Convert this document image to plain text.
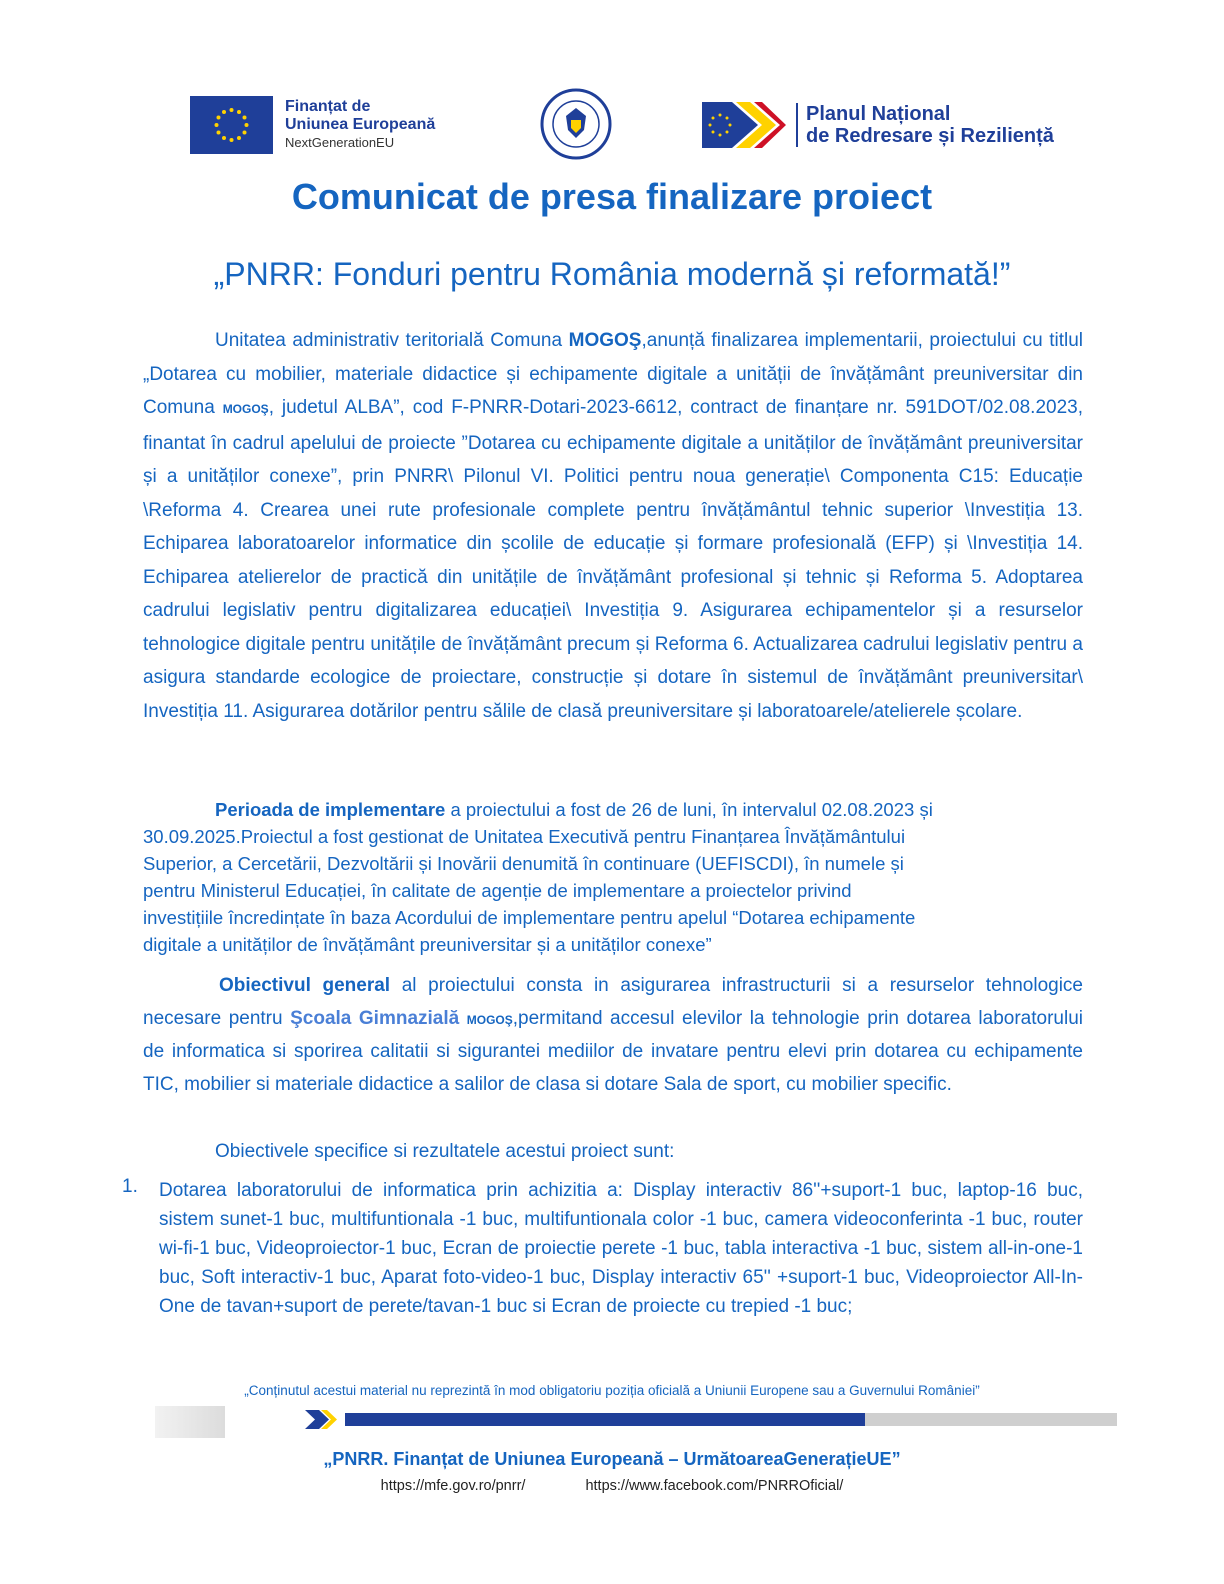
Finanțat de
Uniunea Europeană
NextGenerationEU
Planul Național
de Redresare și Reziliență
Comunicat de presa finalizare proiect

„PNRR: Fonduri pentru România modernă și reformată!”

Unitatea administrativ teritorială Comuna MOGOŞ,anunță finalizarea implementarii, proiectului cu titlul „Dotarea cu mobilier, materiale didactice și echipamente digitale a unității de învățământ preuniversitar din Comuna MOGOŞ, judetul ALBA”, cod F-PNRR-Dotari-2023-6612, contract de finanțare nr. 591DOT/02.08.2023, finantat în cadrul apelului de proiecte ”Dotarea cu echipamente digitale a unitӑților de învӑțӑmânt preuniversitar și a unitӑților conexe”, prin PNRR\ Pilonul VI. Politici pentru noua generație\ Componenta C15: Educație \Reforma 4. Crearea unei rute profesionale complete pentru învățământul tehnic superior \Investiția 13. Echiparea laboratoarelor informatice din școlile de educație și formare profesională (EFP) și \Investiția 14. Echiparea atelierelor de practică din unitățile de învățământ profesional și tehnic și Reforma 5. Adoptarea cadrului legislativ pentru digitalizarea educației\ Investiția 9. Asigurarea echipamentelor și a resurselor tehnologice digitale pentru unitățile de învățământ precum și Reforma 6. Actualizarea cadrului legislativ pentru a asigura standarde ecologice de proiectare, construcție și dotare în sistemul de învățământ preuniversitar\ Investiția 11. Asigurarea dotărilor pentru sălile de clasă preuniversitare și laboratoarele/atelierele școlare.

Perioada de implementare a proiectului a fost de 26 de luni, în intervalul 02.08.2023 și
30.09.2025.Proiectul a fost gestionat de Unitatea Executivă pentru Finanțarea Învățământului
Superior, a Cercetării, Dezvoltării și Inovării denumită în continuare (UEFISCDI), în numele și
pentru Ministerul Educației, în calitate de agenție de implementare a proiectelor privind
investițiile încredințate în baza Acordului de implementare pentru apelul “Dotarea echipamente
digitale a unităților de învățământ preuniversitar și a unităților conexe”

Obiectivul general al proiectului consta in asigurarea infrastructurii si a resurselor tehnologice necesare pentru Şcoala Gimnazială MOGOŞ,permitand accesul elevilor la tehnologie prin dotarea laboratorului de informatica si sporirea calitatii si sigurantei mediilor de invatare pentru elevi prin dotarea cu echipamente TIC, mobilier si materiale didactice a salilor de clasa si dotare Sala de sport, cu mobilier specific.

Obiectivele specifice si rezultatele acestui proiect sunt:

1. Dotarea laboratorului de informatica prin achizitia a: Display interactiv 86''+suport-1 buc, laptop-16 buc, sistem sunet-1 buc, multifuntionala -1 buc, multifuntionala color -1 buc, camera videoconferinta -1 buc, router wi-fi-1 buc, Videoproiector-1 buc, Ecran de proiectie perete -1 buc, tabla interactiva -1 buc, sistem all-in-one-1 buc, Soft interactiv-1 buc, Aparat foto-video-1 buc, Display interactiv 65'' +suport-1 buc, Videoproiector All-In-One de tavan+suport de perete/tavan-1 buc si Ecran de proiecte cu trepied -1 buc;

„Conținutul acestui material nu reprezintă în mod obligatoriu poziția oficială a Uniunii Europene sau a Guvernului României”

„PNRR. Finanțat de Uniunea Europeană – UrmătoareaGenerațieUE”

https://mfe.gov.ro/pnrr/	https://www.facebook.com/PNRROficial/
